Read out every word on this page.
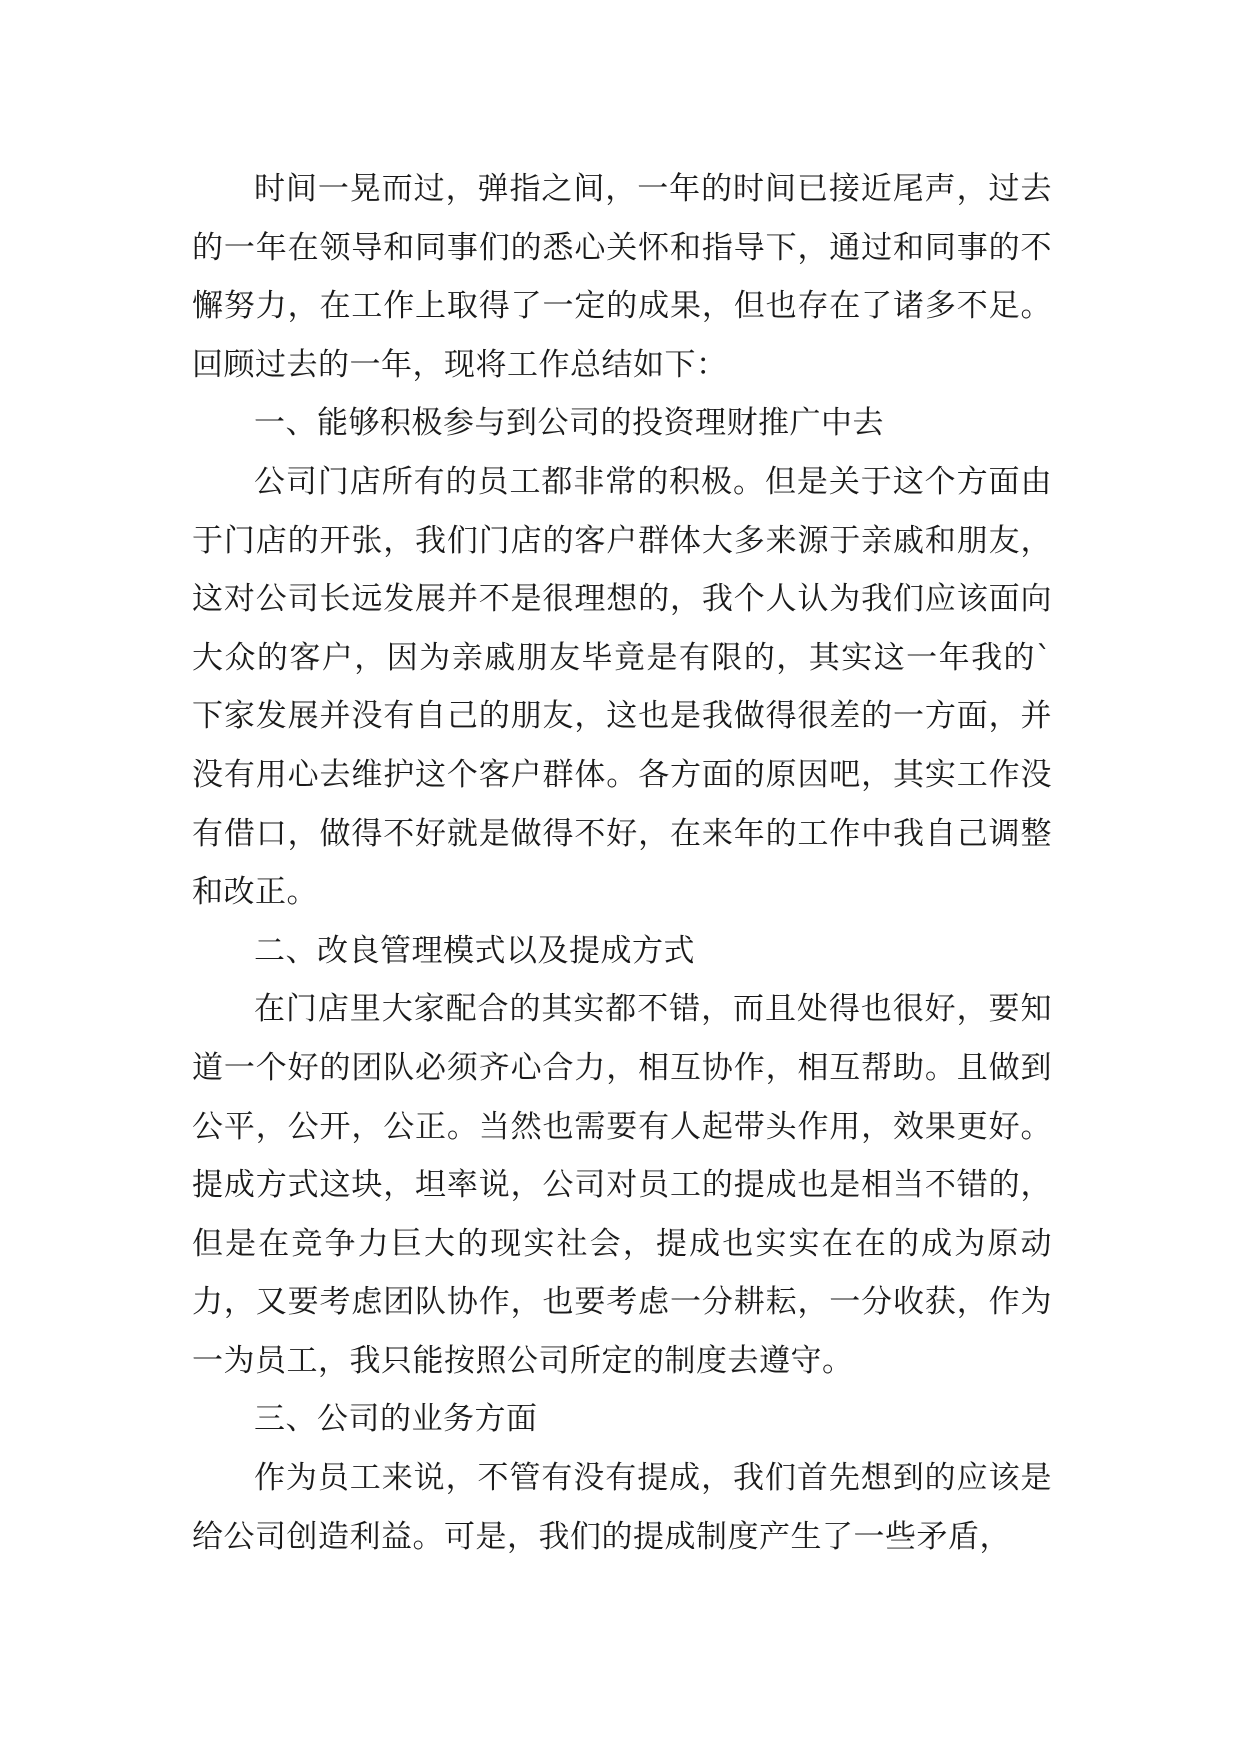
时间一晃而过，弹指之间，一年的时间已接近尾声，过去的一年在领导和同事们的悉心关怀和指导下，通过和同事的不懈努力，在工作上取得了一定的成果，但也存在了诸多不足。回顾过去的一年，现将工作总结如下：

一、能够积极参与到公司的投资理财推广中去

公司门店所有的员工都非常的积极。但是关于这个方面由于门店的开张，我们门店的客户群体大多来源于亲戚和朋友，这对公司长远发展并不是很理想的，我个人认为我们应该面向大众的客户，因为亲戚朋友毕竟是有限的，其实这一年我的`下家发展并没有自己的朋友，这也是我做得很差的一方面，并没有用心去维护这个客户群体。各方面的原因吧，其实工作没有借口，做得不好就是做得不好，在来年的工作中我自己调整和改正。

二、改良管理模式以及提成方式

在门店里大家配合的其实都不错，而且处得也很好，要知道一个好的团队必须齐心合力，相互协作，相互帮助。且做到公平，公开，公正。当然也需要有人起带头作用，效果更好。提成方式这块，坦率说，公司对员工的提成也是相当不错的，但是在竞争力巨大的现实社会，提成也实实在在的成为原动力，又要考虑团队协作，也要考虑一分耕耘，一分收获，作为一为员工，我只能按照公司所定的制度去遵守。

三、公司的业务方面

作为员工来说，不管有没有提成，我们首先想到的应该是给公司创造利益。可是，我们的提成制度产生了一些矛盾，
